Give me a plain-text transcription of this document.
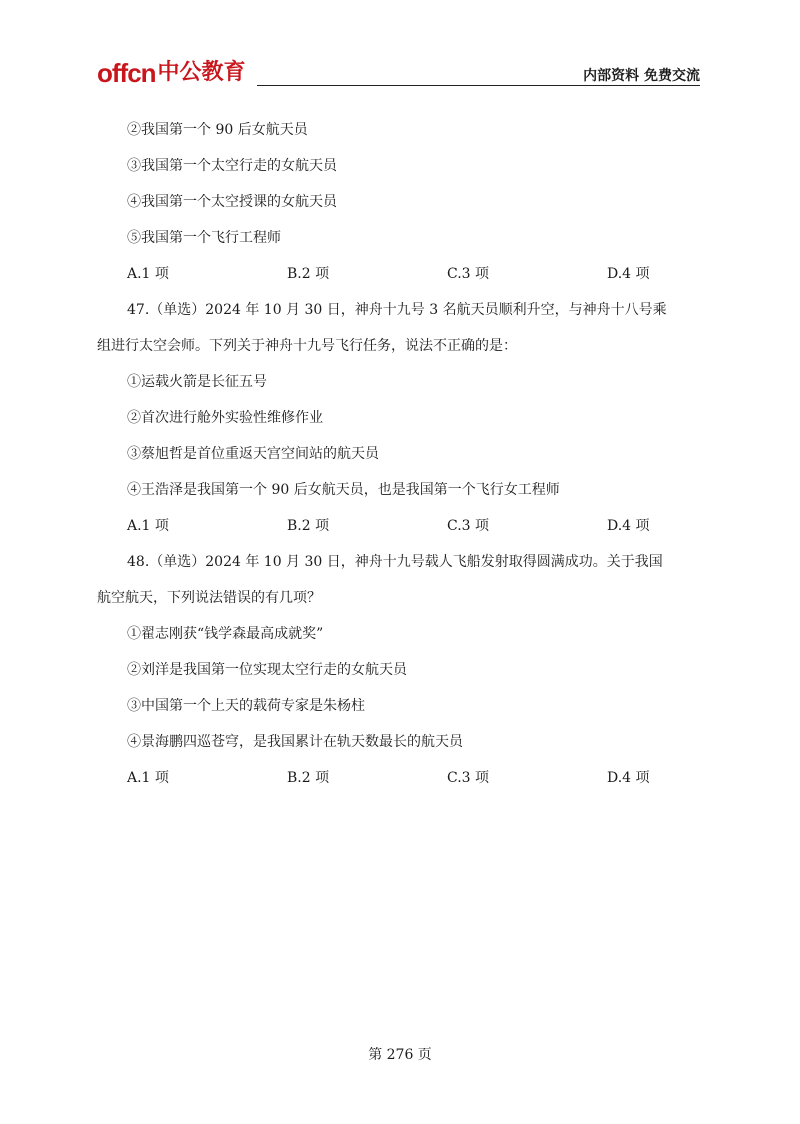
offcn 中公教育	内部资料 免费交流
②我国第一个 90 后女航天员
③我国第一个太空行走的女航天员
④我国第一个太空授课的女航天员
⑤我国第一个飞行工程师
A.1 项	B.2 项	C.3 项	D.4 项
47.（单选）2024 年 10 月 30 日，神舟十九号 3 名航天员顺利升空，与神舟十八号乘
组进行太空会师。下列关于神舟十九号飞行任务，说法不正确的是：
①运载火箭是长征五号
②首次进行舱外实验性维修作业
③蔡旭哲是首位重返天宫空间站的航天员
④王浩泽是我国第一个 90 后女航天员，也是我国第一个飞行女工程师
A.1 项	B.2 项	C.3 项	D.4 项
48.（单选）2024 年 10 月 30 日，神舟十九号载人飞船发射取得圆满成功。关于我国
航空航天，下列说法错误的有几项？
①翟志刚获“钱学森最高成就奖”
②刘洋是我国第一位实现太空行走的女航天员
③中国第一个上天的载荷专家是朱杨柱
④景海鹏四巡苍穹，是我国累计在轨天数最长的航天员
A.1 项	B.2 项	C.3 项	D.4 项
第 276 页
